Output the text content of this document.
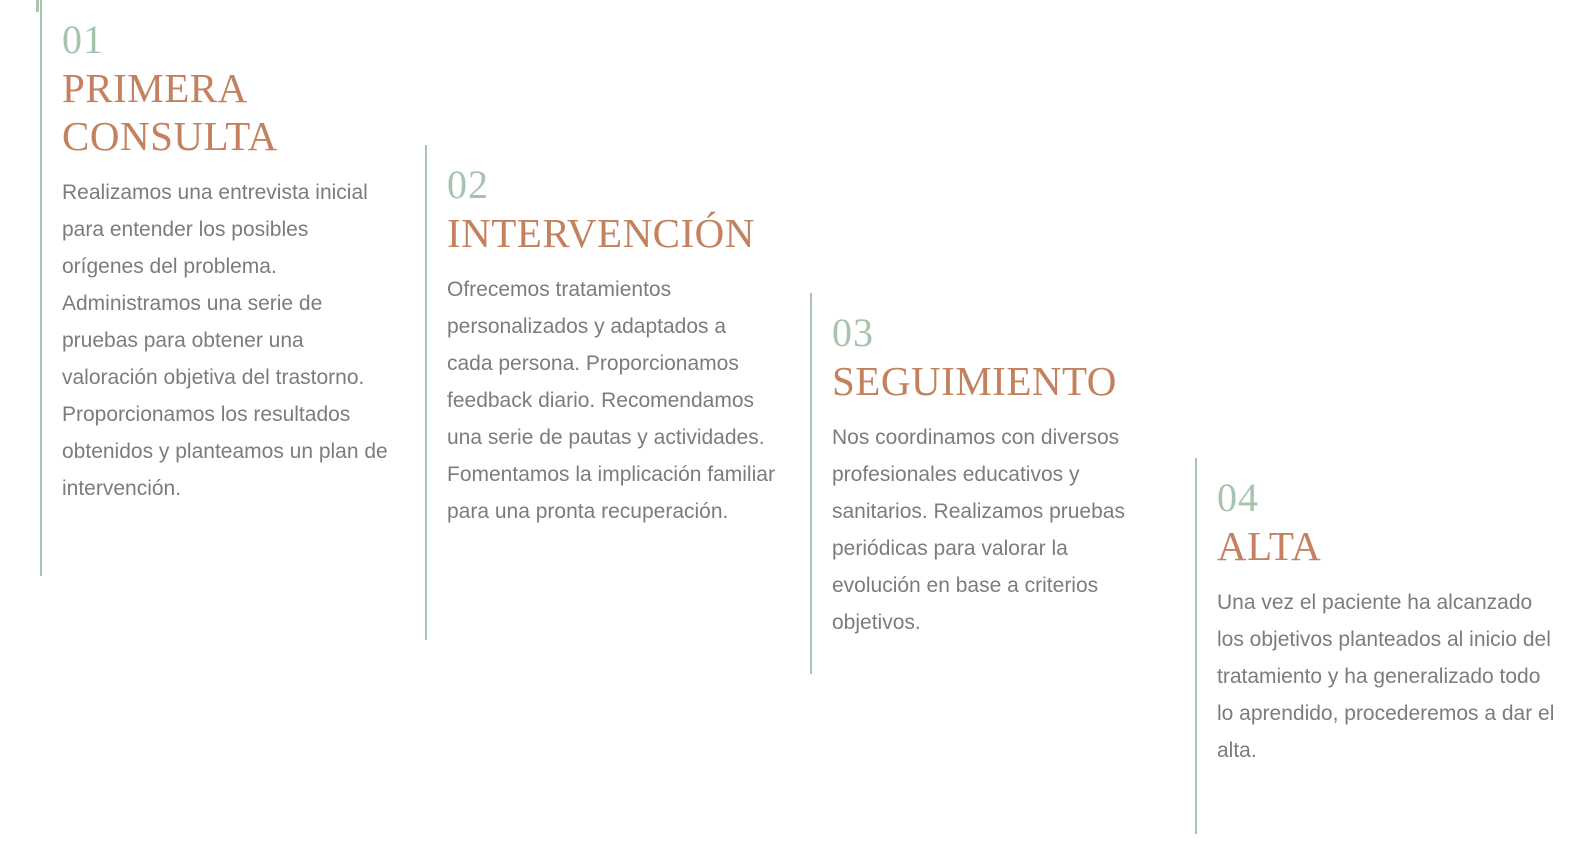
01
PRIMERA CONSULTA
Realizamos una entrevista inicial para entender los posibles orígenes del problema. Administramos una serie de pruebas para obtener una valoración objetiva del trastorno. Proporcionamos los resultados obtenidos y planteamos un plan de intervención.
02
INTERVENCIÓN
Ofrecemos tratamientos personalizados y adaptados a cada persona. Proporcionamos feedback diario. Recomendamos una serie de pautas y actividades. Fomentamos la implicación familiar para una pronta recuperación.
03
SEGUIMIENTO
Nos coordinamos con diversos profesionales educativos y sanitarios. Realizamos pruebas periódicas para valorar la evolución en base a criterios objetivos.
04
ALTA
Una vez el paciente ha alcanzado los objetivos planteados al inicio del tratamiento y ha generalizado todo lo aprendido, procederemos a dar el alta.
